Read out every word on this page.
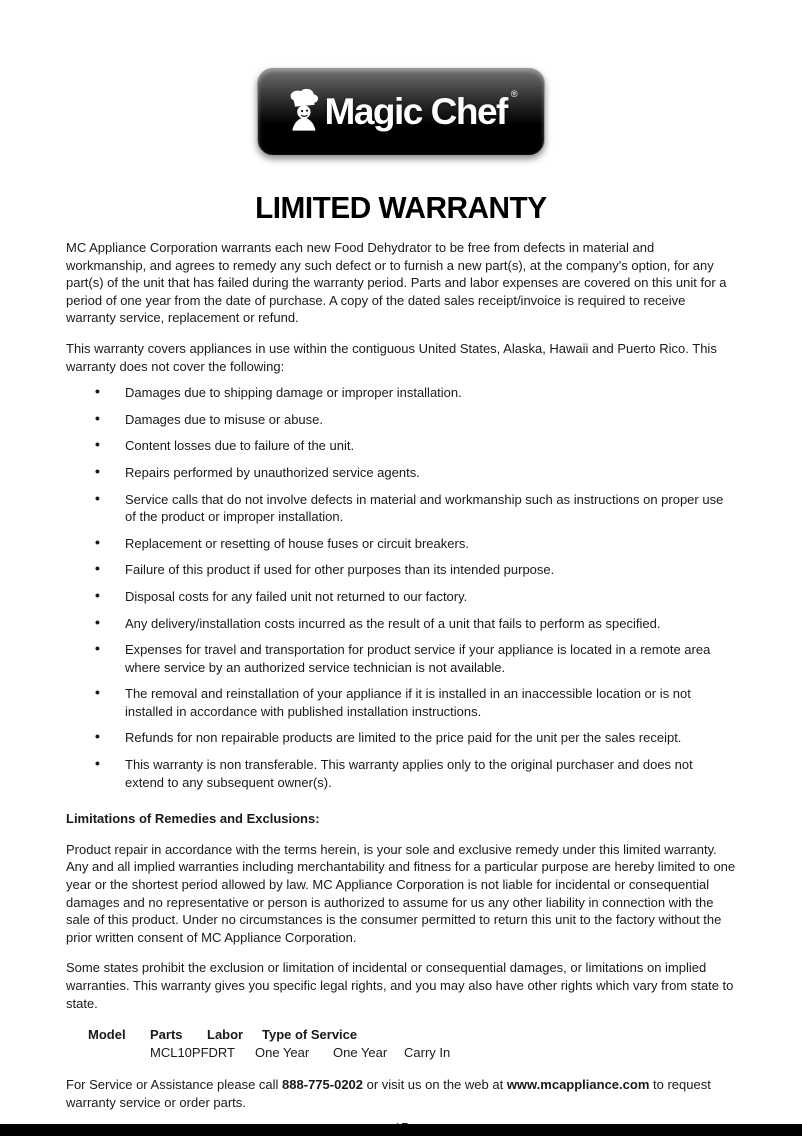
Magic Chef ®
LIMITED WARRANTY

MC Appliance Corporation warrants each new Food Dehydrator to be free from defects in material and workmanship, and agrees to remedy any such defect or to furnish a new part(s), at the company's option, for any part(s) of the unit that has failed during the warranty period. Parts and labor expenses are covered on this unit for a period of one year from the date of purchase. A copy of the dated sales receipt/invoice is required to receive warranty service, replacement or refund.

This warranty covers appliances in use within the contiguous United States, Alaska, Hawaii and Puerto Rico. This warranty does not cover the following:

• Damages due to shipping damage or improper installation.
• Damages due to misuse or abuse.
• Content losses due to failure of the unit.
• Repairs performed by unauthorized service agents.
• Service calls that do not involve defects in material and workmanship such as instructions on proper use of the product or improper installation.
• Replacement or resetting of house fuses or circuit breakers.
• Failure of this product if used for other purposes than its intended purpose.
• Disposal costs for any failed unit not returned to our factory.
• Any delivery/installation costs incurred as the result of a unit that fails to perform as specified.
• Expenses for travel and transportation for product service if your appliance is located in a remote area where service by an authorized service technician is not available.
• The removal and reinstallation of your appliance if it is installed in an inaccessible location or is not installed in accordance with published installation instructions.
• Refunds for non repairable products are limited to the price paid for the unit per the sales receipt.
• This warranty is non transferable. This warranty applies only to the original purchaser and does not extend to any subsequent owner(s).

Limitations of Remedies and Exclusions:

Product repair in accordance with the terms herein, is your sole and exclusive remedy under this limited warranty. Any and all implied warranties including merchantability and fitness for a particular purpose are hereby limited to one year or the shortest period allowed by law. MC Appliance Corporation is not liable for incidental or consequential damages and no representative or person is authorized to assume for us any other liability in connection with the sale of this product. Under no circumstances is the consumer permitted to return this unit to the factory without the prior written consent of MC Appliance Corporation.

Some states prohibit the exclusion or limitation of incidental or consequential damages, or limitations on implied warranties. This warranty gives you specific legal rights, and you may also have other rights which vary from state to state.

Model Parts Labor Type of Service
MCL10PFDRT One Year One Year Carry In

For Service or Assistance please call 888-775-0202 or visit us on the web at www.mcappliance.com to request warranty service or order parts.
